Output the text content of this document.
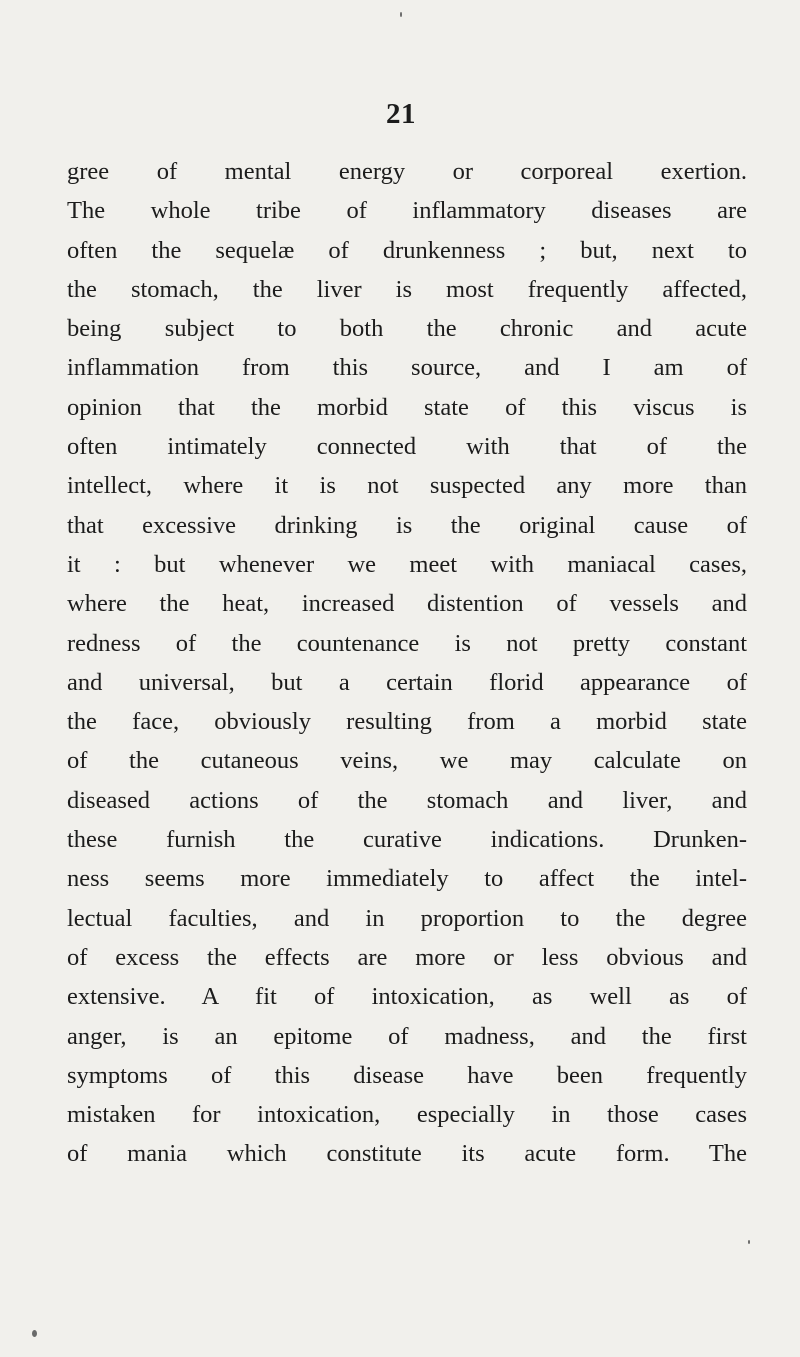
21
gree of mental energy or corporeal exertion.
The whole tribe of inflammatory diseases are
often the sequelæ of drunkenness ; but, next to
the stomach, the liver is most frequently affected,
being subject to both the chronic and acute
inflammation from this source, and I am of
opinion that the morbid state of this viscus is
often intimately connected with that of the
intellect, where it is not suspected any more than
that excessive drinking is the original cause of
it : but whenever we meet with maniacal cases,
where the heat, increased distention of vessels and
redness of the countenance is not pretty constant
and universal, but a certain florid appearance of
the face, obviously resulting from a morbid state
of the cutaneous veins, we may calculate on
diseased actions of the stomach and liver, and
these furnish the curative indications. Drunken-
ness seems more immediately to affect the intel-
lectual faculties, and in proportion to the degree
of excess the effects are more or less obvious and
extensive. A fit of intoxication, as well as of
anger, is an epitome of madness, and the first
symptoms of this disease have been frequently
mistaken for intoxication, especially in those cases
of mania which constitute its acute form. The
